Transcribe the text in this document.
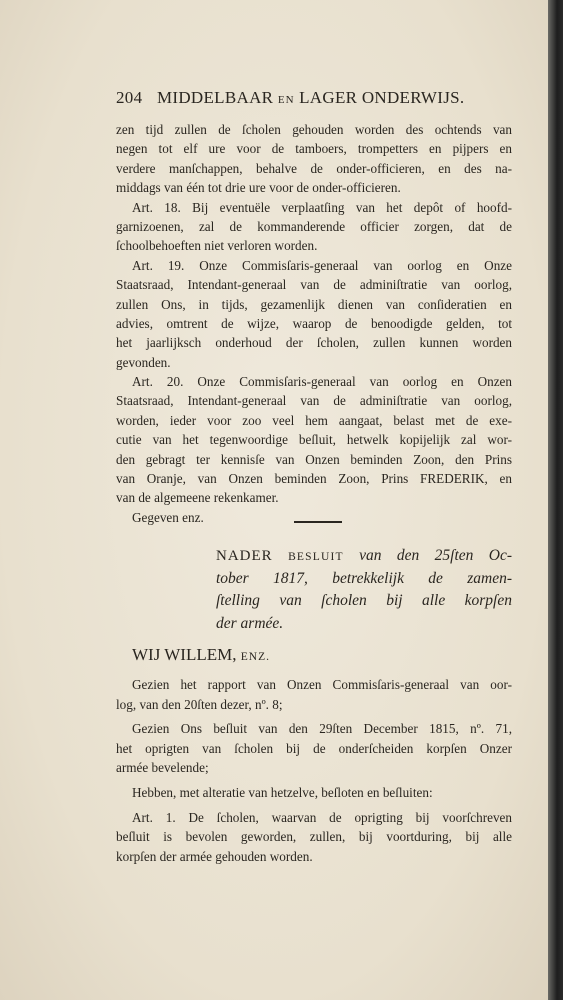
204 MIDDELBAAR EN LAGER ONDERWIJS.
zen tijd zullen de ſcholen gehouden worden des ochtends van
negen tot elf ure voor de tamboers, trompetters en pijpers en
verdere manſchappen, behalve de onder-officieren, en des na-
middags van één tot drie ure voor de onder-officieren.
Art. 18. Bij eventuële verplaatſing van het depôt of hoofd-
garnizoenen, zal de kommanderende officier zorgen, dat de
ſchoolbehoeften niet verloren worden.
Art. 19. Onze Commisſaris-generaal van oorlog en Onze
Staatsraad, Intendant-generaal van de adminiſtratie van oorlog,
zullen Ons, in tijds, gezamenlijk dienen van conſideratien en
advies, omtrent de wijze, waarop de benoodigde gelden, tot
het jaarlijksch onderhoud der ſcholen, zullen kunnen worden
gevonden.
Art. 20. Onze Commisſaris-generaal van oorlog en Onzen
Staatsraad, Intendant-generaal van de adminiſtratie van oorlog,
worden, ieder voor zoo veel hem aangaat, belast met de exe-
cutie van het tegenwoordige beſluit, hetwelk kopijelijk zal wor-
den gebragt ter kennisſe van Onzen beminden Zoon, den Prins
van Oranje, van Onzen beminden Zoon, Prins FREDERIK, en
van de algemeene rekenkamer.
Gegeven enz.
NADER BESLUIT van den 25ſten Oc-
tober 1817, betrekkelijk de zamen-
ſtelling van ſcholen bij alle korpſen
der armée.
WIJ WILLEM, ENZ.
Gezien het rapport van Onzen Commisſaris-generaal van oor-
log, van den 20ſten dezer, nº. 8;
Gezien Ons beſluit van den 29ſten December 1815, nº. 71,
het oprigten van ſcholen bij de onderſcheiden korpſen Onzer
armée bevelende;
Hebben, met alteratie van hetzelve, beſloten en beſluiten:
Art. 1. De ſcholen, waarvan de oprigting bij voorſchreven
beſluit is bevolen geworden, zullen, bij voortduring, bij alle
korpſen der armée gehouden worden.
